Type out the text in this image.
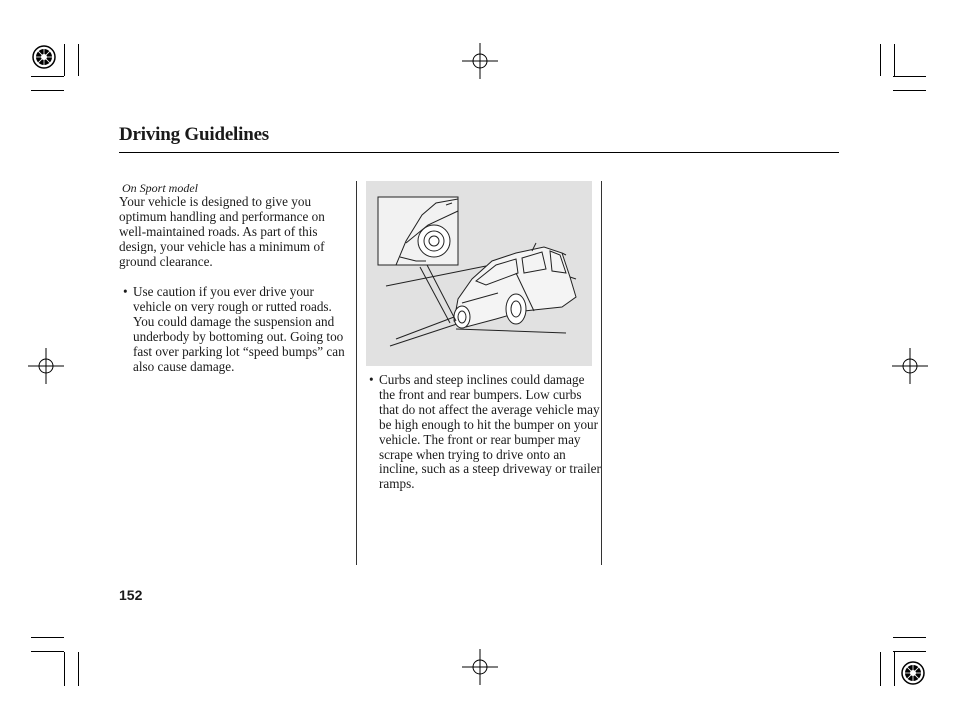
Driving Guidelines
On Sport model

Your vehicle is designed to give you optimum handling and performance on well-maintained roads. As part of this design, your vehicle has a minimum of ground clearance.

• Use caution if you ever drive your vehicle on very rough or rutted roads. You could damage the suspension and underbody by bottoming out. Going too fast over parking lot “speed bumps” can also cause damage.
• Curbs and steep inclines could damage the front and rear bumpers. Low curbs that do not affect the average vehicle may be high enough to hit the bumper on your vehicle. The front or rear bumper may scrape when trying to drive onto an incline, such as a steep driveway or trailer ramps.
152
